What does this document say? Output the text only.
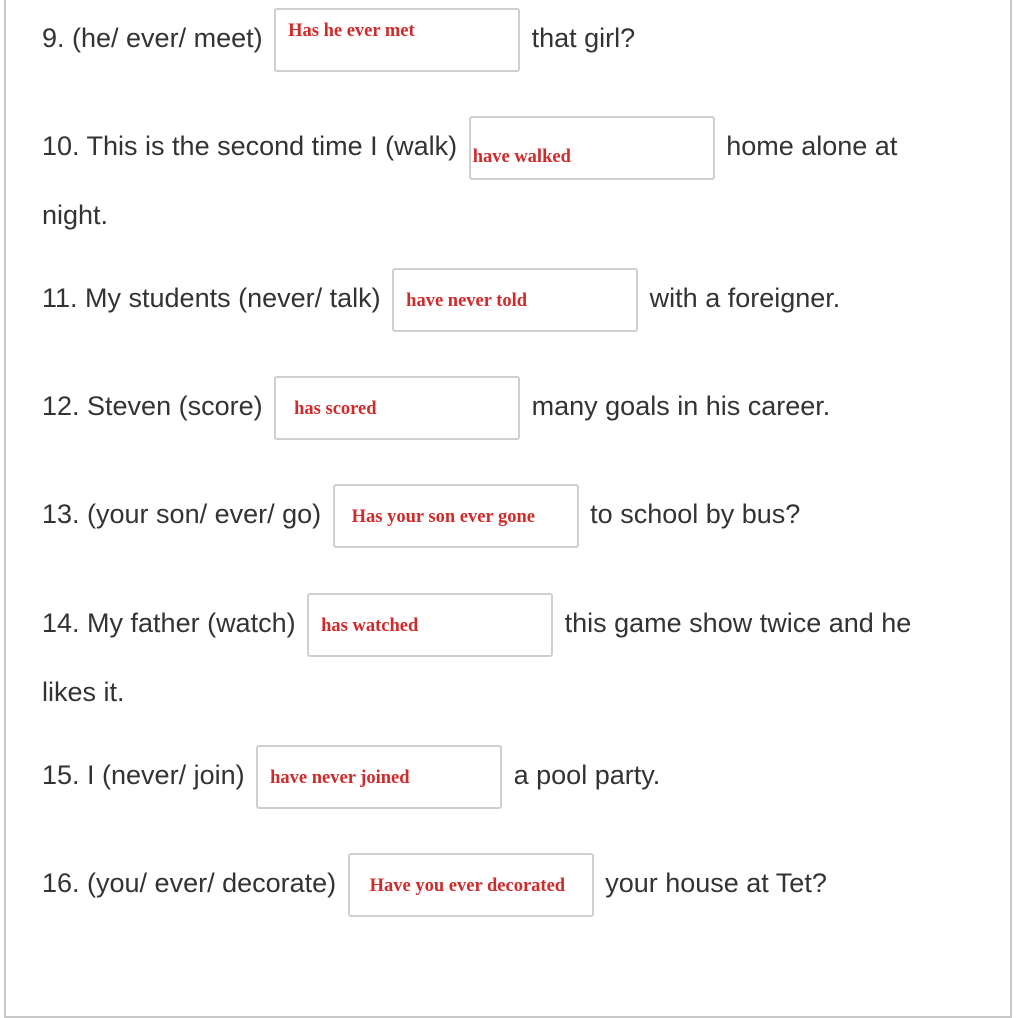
9. (he/ ever/ meet) Has he ever met	that girl?
10. This is the second time I (walk) have walked	home alone at
night.
11. My students (never/ talk) have never told	with a foreigner.
12. Steven (score) has scored	many goals in his career.
13. (your son/ ever/ go) Has your son ever gone to school by bus?
14. My father (watch) has watched	this game show twice and he
likes it.
15. I (never/ join) have never joined	a pool party.
16. (you/ ever/ decorate) Have you ever decorated your house at Tet?
